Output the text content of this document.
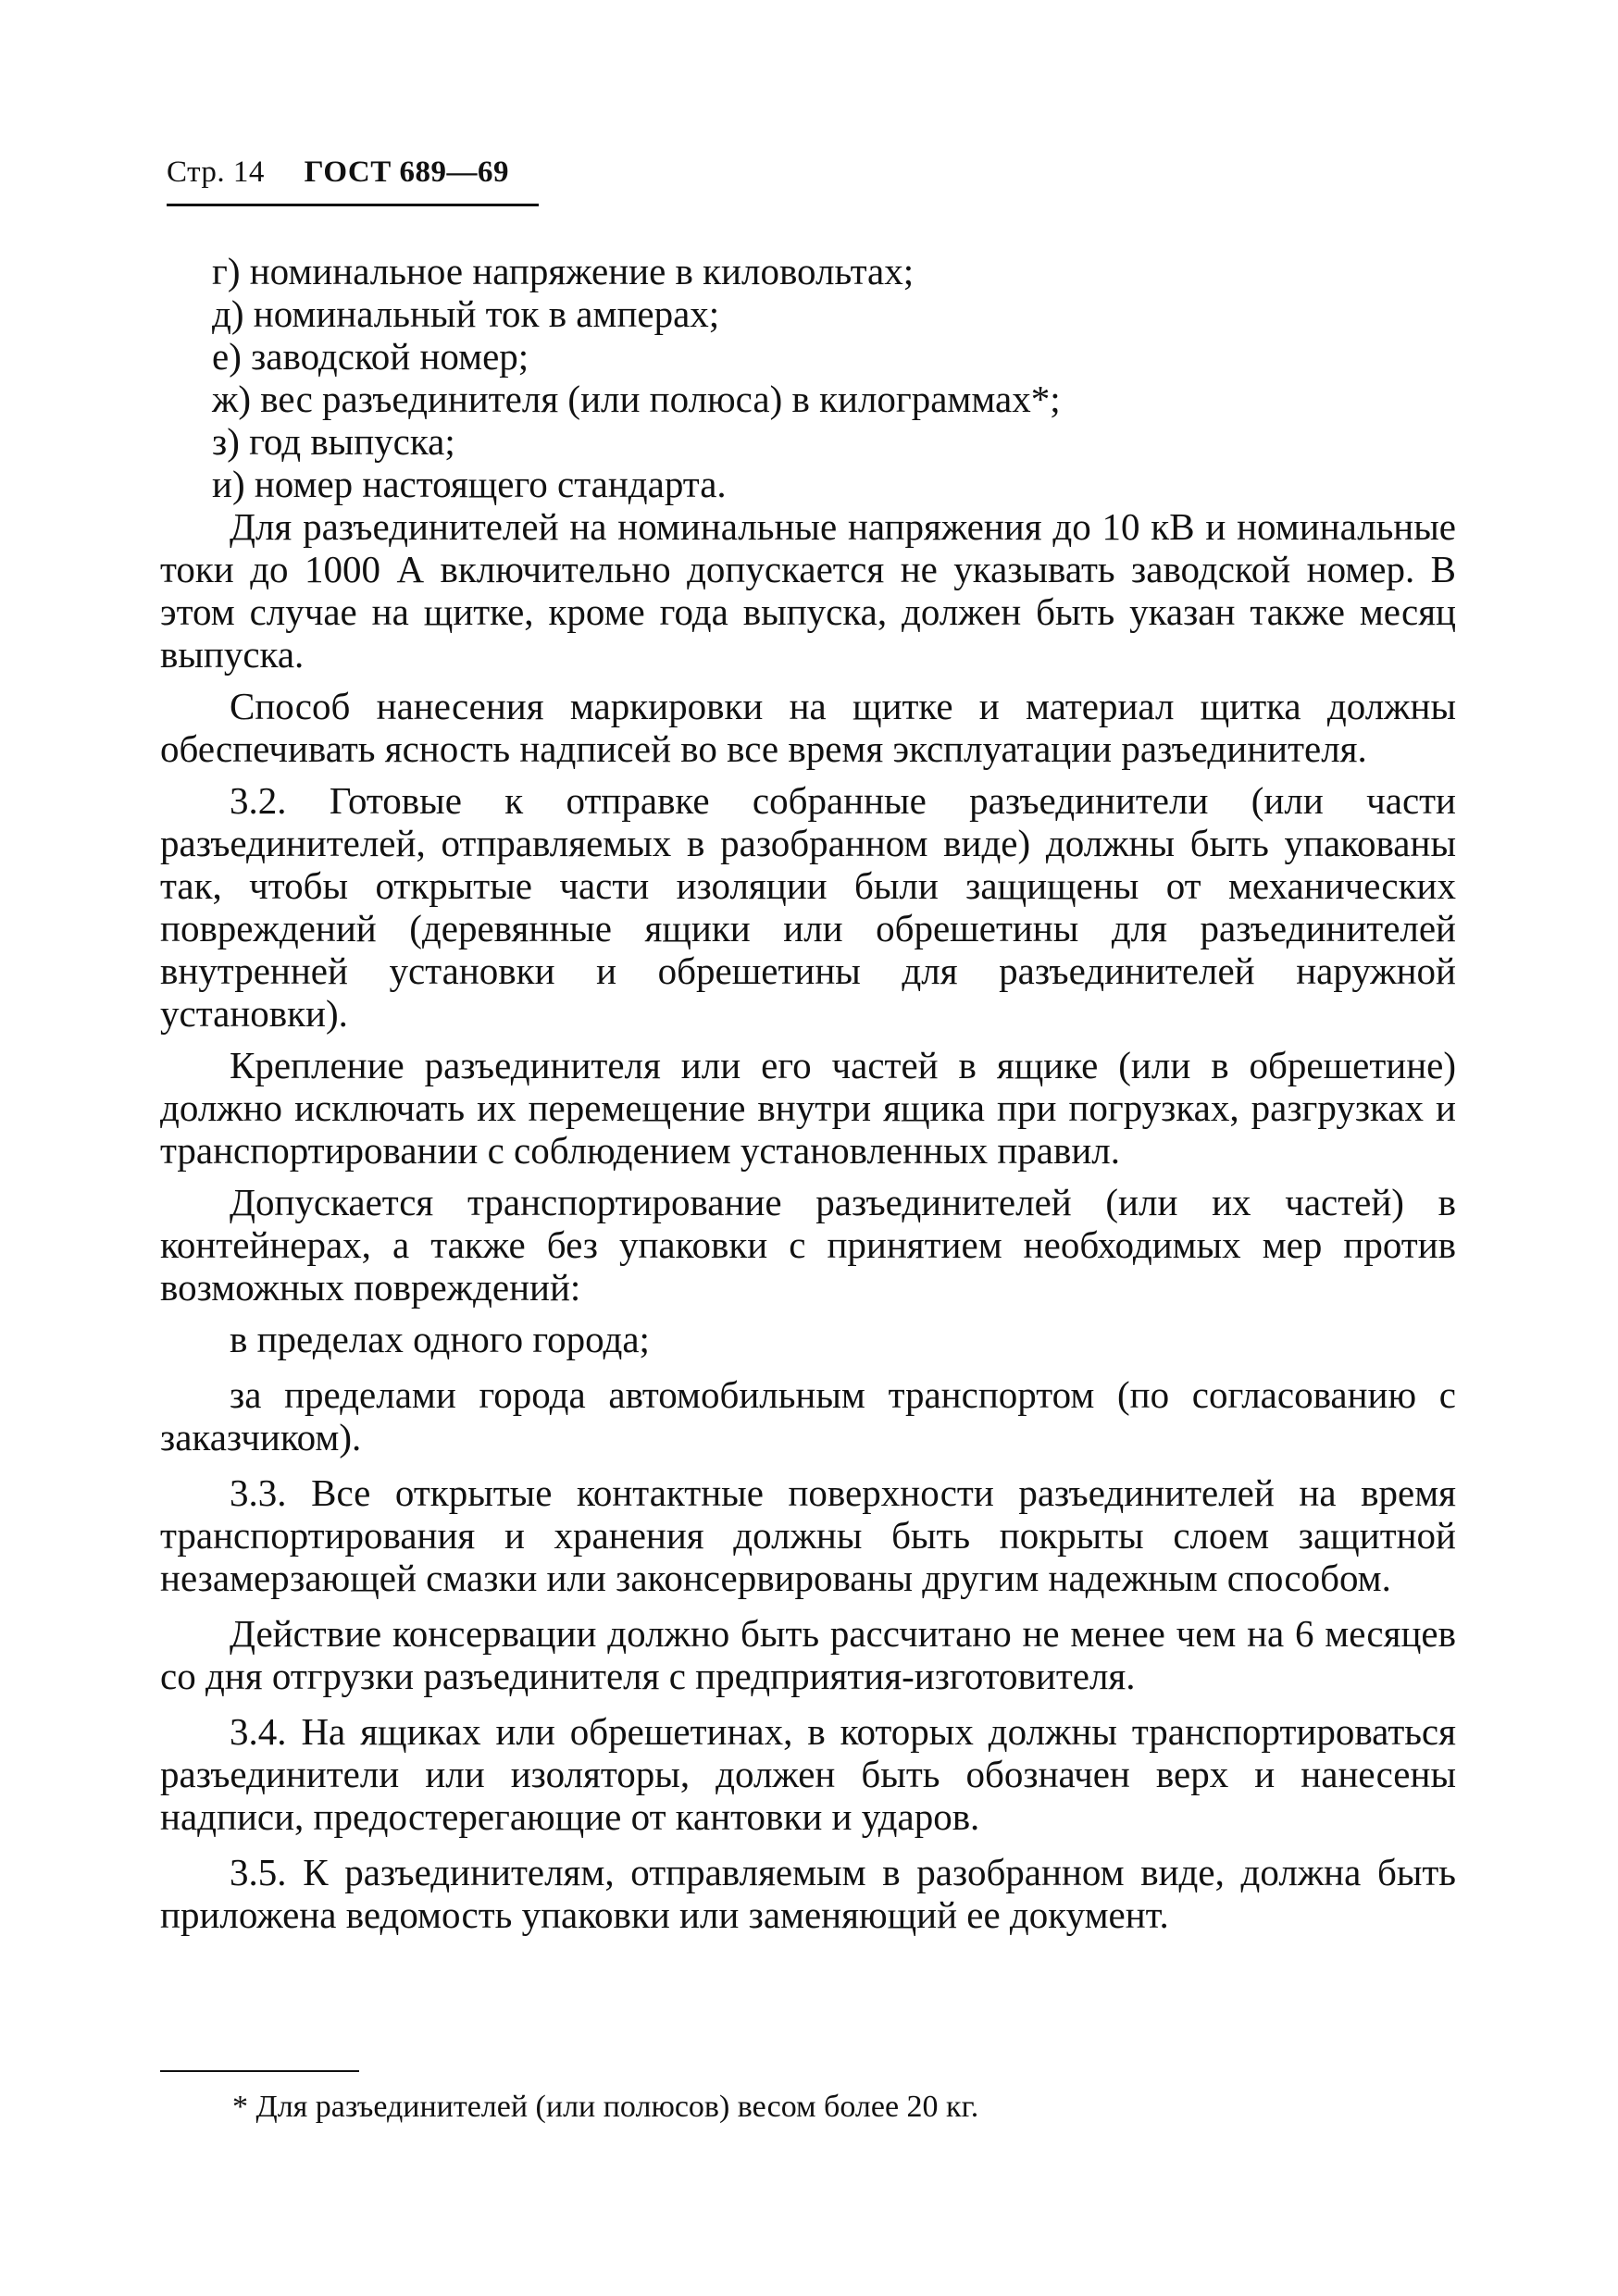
Стр. 14 ГОСТ 689—69

г) номинальное напряжение в киловольтах;

д) номинальный ток в амперах;

е) заводской номер;

ж) вес разъединителя (или полюса) в килограммах*;

з) год выпуска;

и) номер настоящего стандарта.

Для разъединителей на номинальные напряжения до 10 кВ и номинальные токи до 1000 А включительно допускается не указывать заводской номер. В этом случае на щитке, кроме года выпуска, должен быть указан также месяц выпуска.

Способ нанесения маркировки на щитке и материал щитка должны обеспечивать ясность надписей во все время эксплуатации разъединителя.

3.2. Готовые к отправке собранные разъединители (или части разъединителей, отправляемых в разобранном виде) должны быть упакованы так, чтобы открытые части изоляции были защищены от механических повреждений (деревянные ящики или обрешетины для разъединителей внутренней установки и обрешетины для разъединителей наружной установки).

Крепление разъединителя или его частей в ящике (или в обрешетине) должно исключать их перемещение внутри ящика при погрузках, разгрузках и транспортировании с соблюдением установленных правил.

Допускается транспортирование разъединителей (или их частей) в контейнерах, а также без упаковки с принятием необходимых мер против возможных повреждений:

в пределах одного города;

за пределами города автомобильным транспортом (по согласованию с заказчиком).

3.3. Все открытые контактные поверхности разъединителей на время транспортирования и хранения должны быть покрыты слоем защитной незамерзающей смазки или законсервированы другим надежным способом.

Действие консервации должно быть рассчитано не менее чем на 6 месяцев со дня отгрузки разъединителя с предприятия-изготовителя.

3.4. На ящиках или обрешетинах, в которых должны транспортироваться разъединители или изоляторы, должен быть обозначен верх и нанесены надписи, предостерегающие от кантовки и ударов.

3.5. К разъединителям, отправляемым в разобранном виде, должна быть приложена ведомость упаковки или заменяющий ее документ.

* Для разъединителей (или полюсов) весом более 20 кг.
